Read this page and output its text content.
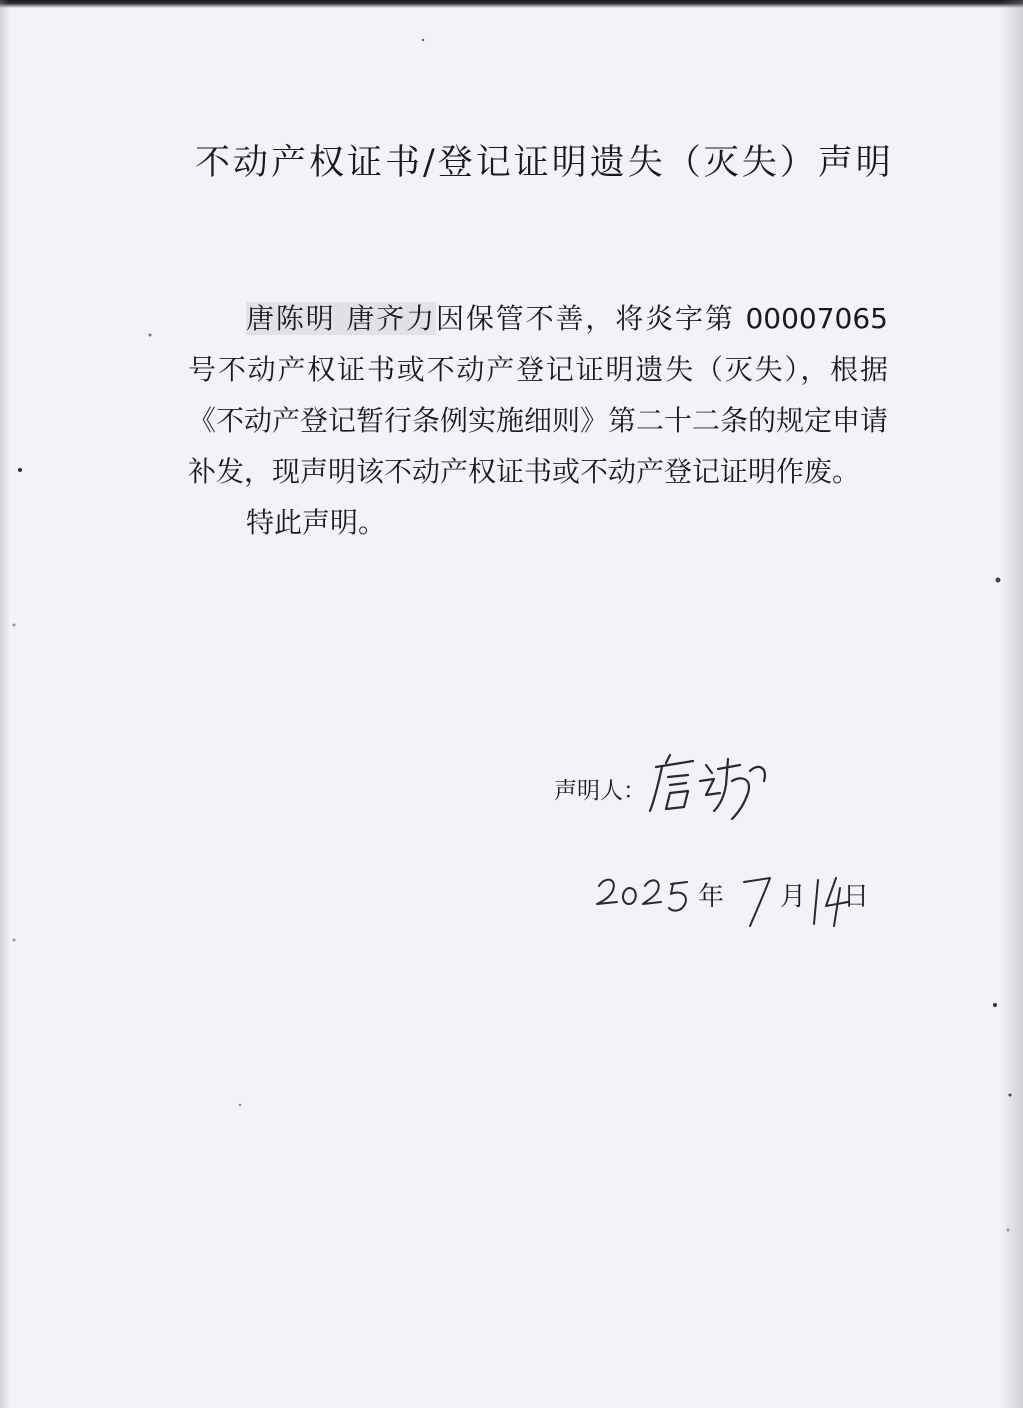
不动产权证书/登记证明遗失（灭失）声明

唐陈明 唐齐力因保管不善，将炎字第 00007065 号不动产权证书或不动产登记证明遗失（灭失），根据《不动产登记暂行条例实施细则》第二十二条的规定申请补发，现声明该不动产权证书或不动产登记证明作废。

特此声明。

声明人：
年 月 日
